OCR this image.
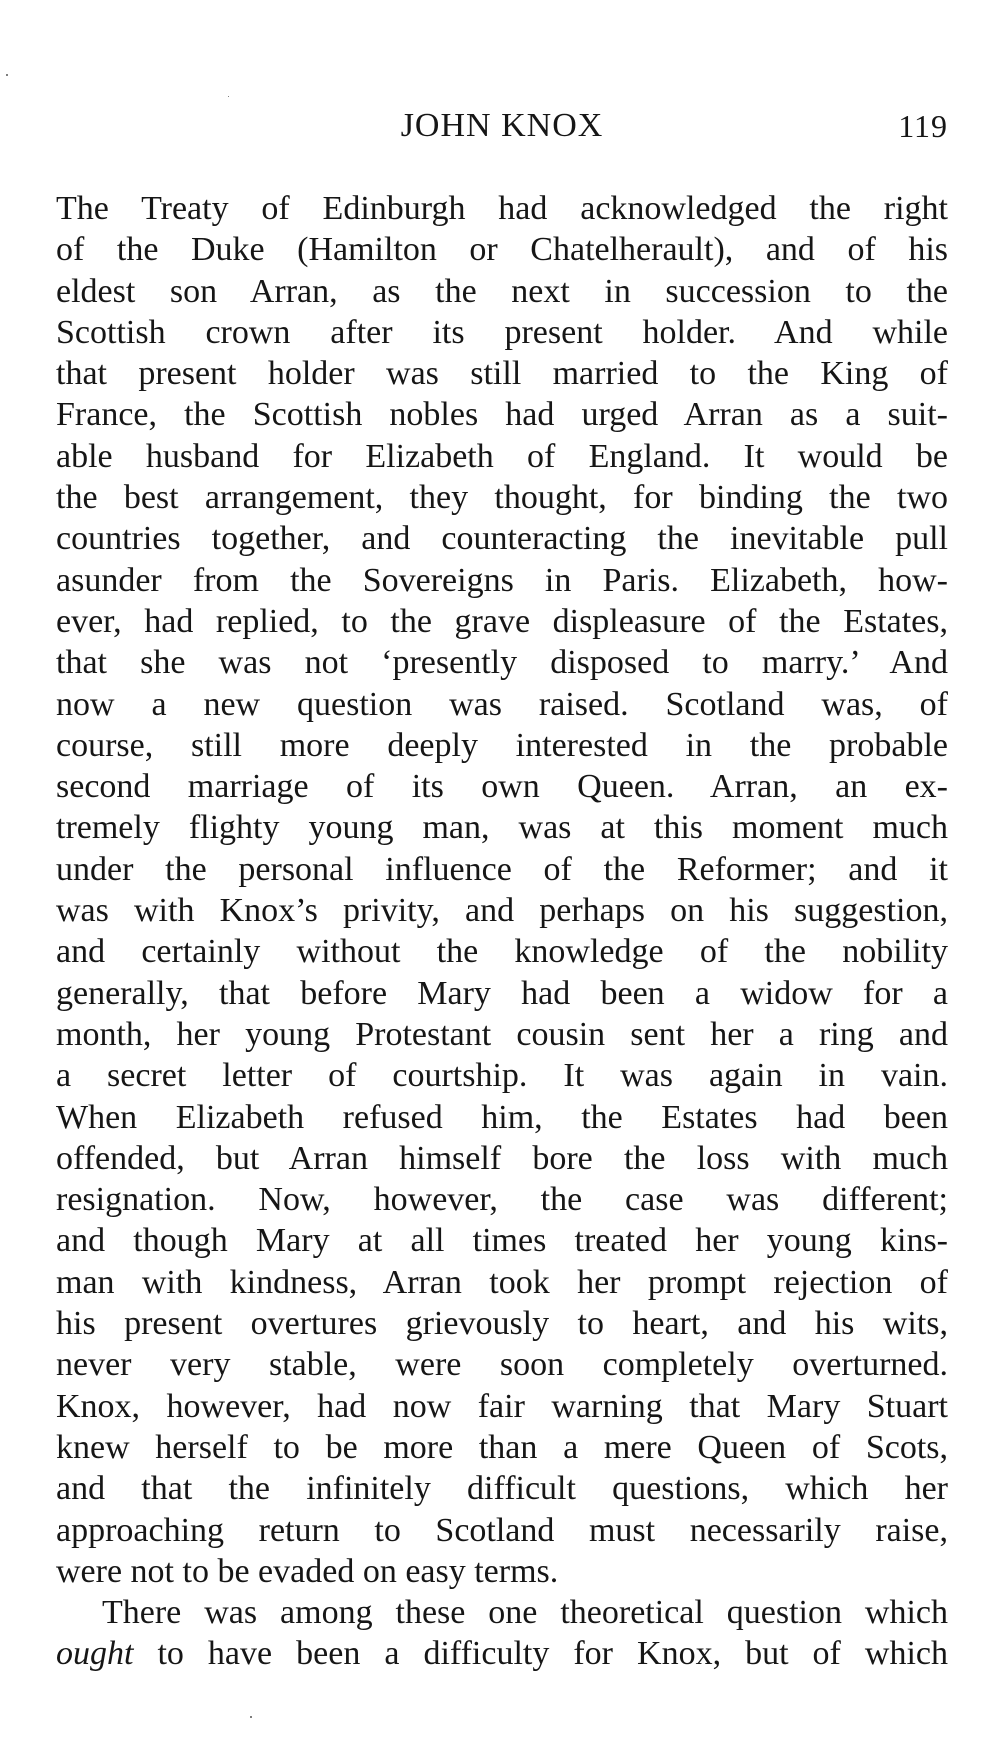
JOHN KNOX	119
The Treaty of Edinburgh had acknowledged the right
of the Duke (Hamilton or Chatelherault), and of his
eldest son Arran, as the next in succession to the
Scottish crown after its present holder. And while
that present holder was still married to the King of
France, the Scottish nobles had urged Arran as a suit-
able husband for Elizabeth of England. It would be
the best arrangement, they thought, for binding the two
countries together, and counteracting the inevitable pull
asunder from the Sovereigns in Paris. Elizabeth, how-
ever, had replied, to the grave displeasure of the Estates,
that she was not ‘presently disposed to marry.’ And
now a new question was raised. Scotland was, of
course, still more deeply interested in the probable
second marriage of its own Queen. Arran, an ex-
tremely flighty young man, was at this moment much
under the personal influence of the Reformer; and it
was with Knox’s privity, and perhaps on his suggestion,
and certainly without the knowledge of the nobility
generally, that before Mary had been a widow for a
month, her young Protestant cousin sent her a ring and
a secret letter of courtship. It was again in vain.
When Elizabeth refused him, the Estates had been
offended, but Arran himself bore the loss with much
resignation. Now, however, the case was different;
and though Mary at all times treated her young kins-
man with kindness, Arran took her prompt rejection of
his present overtures grievously to heart, and his wits,
never very stable, were soon completely overturned.
Knox, however, had now fair warning that Mary Stuart
knew herself to be more than a mere Queen of Scots,
and that the infinitely difficult questions, which her
approaching return to Scotland must necessarily raise,
were not to be evaded on easy terms.
There was among these one theoretical question which
ought to have been a difficulty for Knox, but of which
